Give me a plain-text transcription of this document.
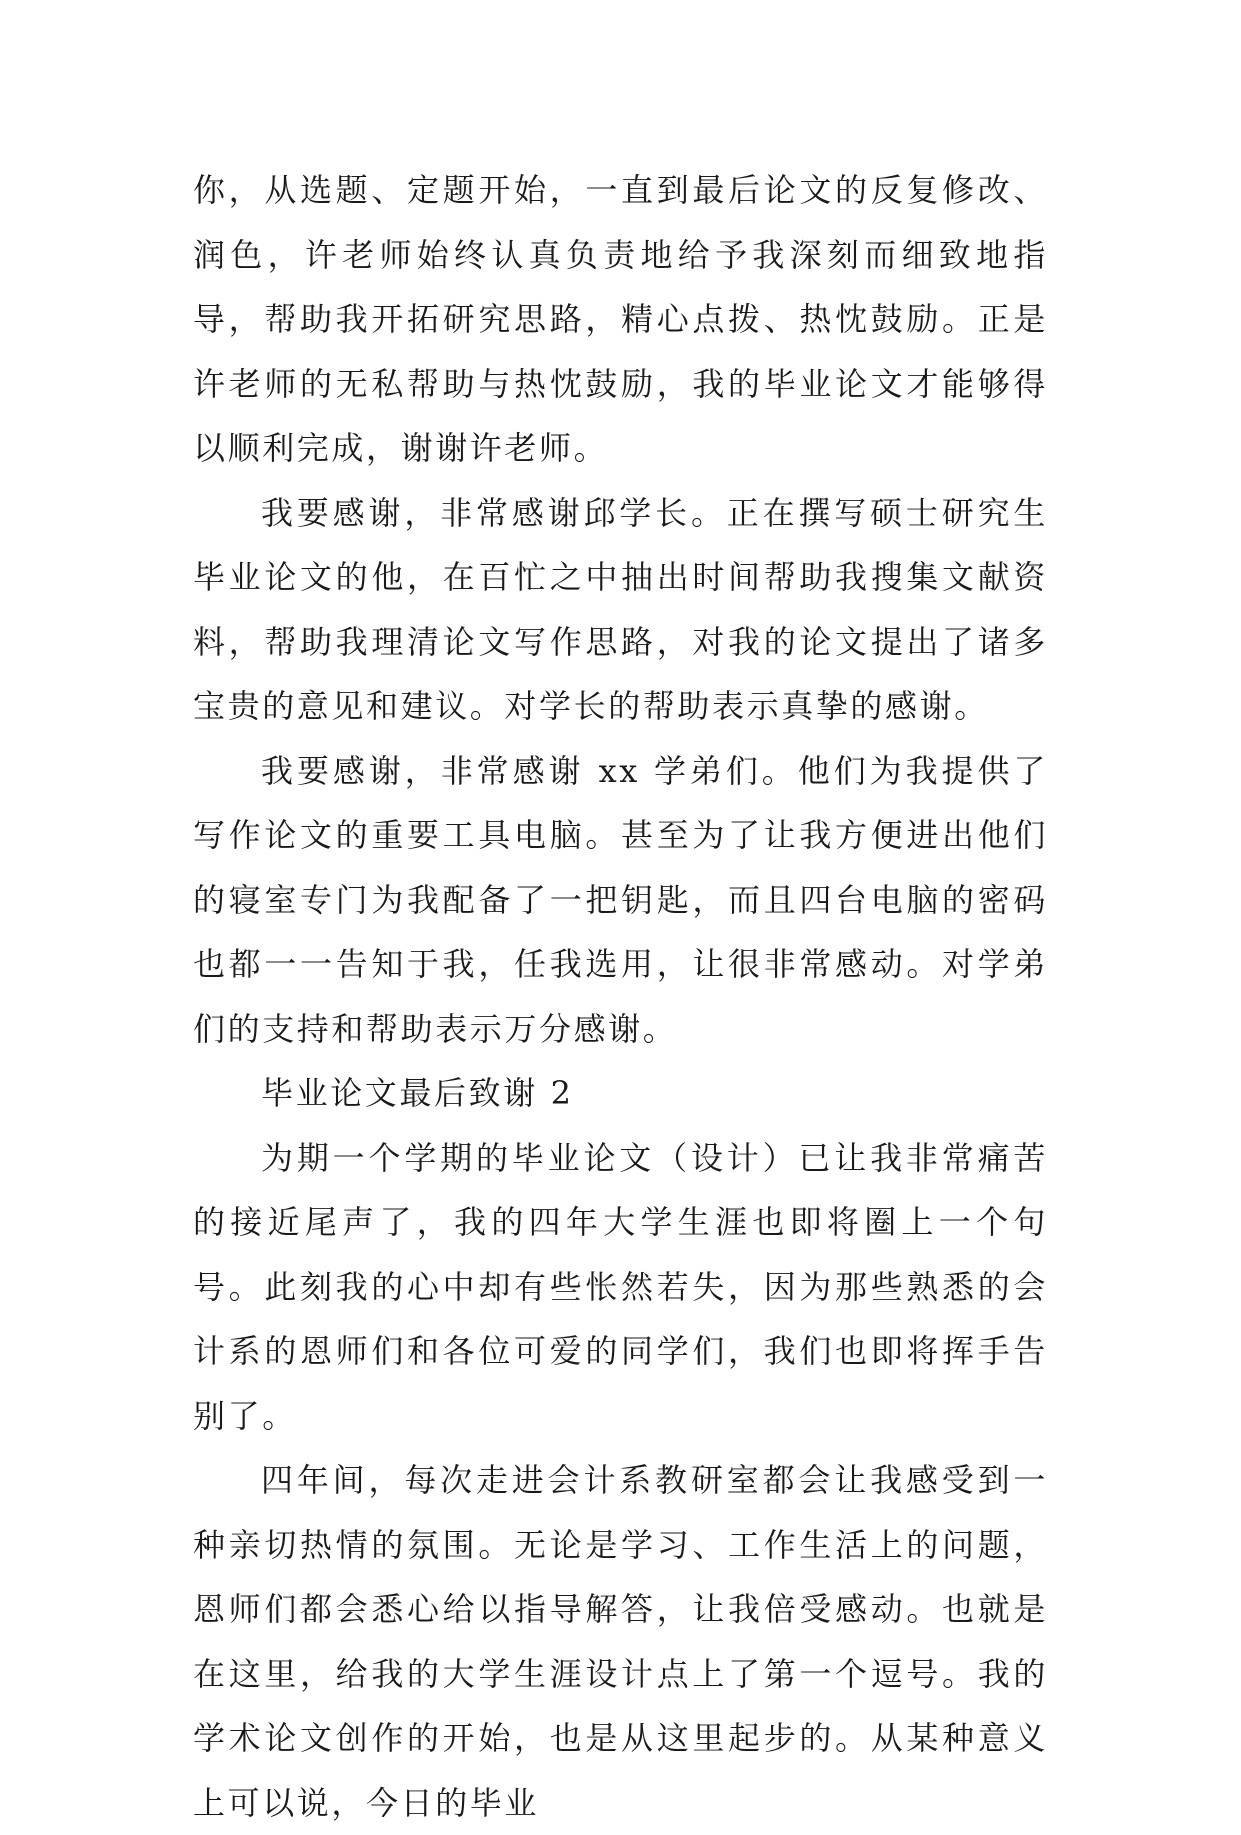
你，从选题、定题开始，一直到最后论文的反复修改、润色，许老师始终认真负责地给予我深刻而细致地指导，帮助我开拓研究思路，精心点拨、热忱鼓励。正是许老师的无私帮助与热忱鼓励，我的毕业论文才能够得以顺利完成，谢谢许老师。

我要感谢，非常感谢邱学长。正在撰写硕士研究生毕业论文的他，在百忙之中抽出时间帮助我搜集文献资料，帮助我理清论文写作思路，对我的论文提出了诸多宝贵的意见和建议。对学长的帮助表示真挚的感谢。

我要感谢，非常感谢 xx 学弟们。他们为我提供了写作论文的重要工具电脑。甚至为了让我方便进出他们的寝室专门为我配备了一把钥匙，而且四台电脑的密码也都一一告知于我，任我选用，让很非常感动。对学弟们的支持和帮助表示万分感谢。

毕业论文最后致谢 2

为期一个学期的毕业论文（设计）已让我非常痛苦的接近尾声了，我的四年大学生涯也即将圈上一个句号。此刻我的心中却有些怅然若失，因为那些熟悉的会计系的恩师们和各位可爱的同学们，我们也即将挥手告别了。

四年间，每次走进会计系教研室都会让我感受到一种亲切热情的氛围。无论是学习、工作生活上的问题，恩师们都会悉心给以指导解答，让我倍受感动。也就是在这里，给我的大学生涯设计点上了第一个逗号。我的学术论文创作的开始，也是从这里起步的。从某种意义上可以说，今日的毕业
